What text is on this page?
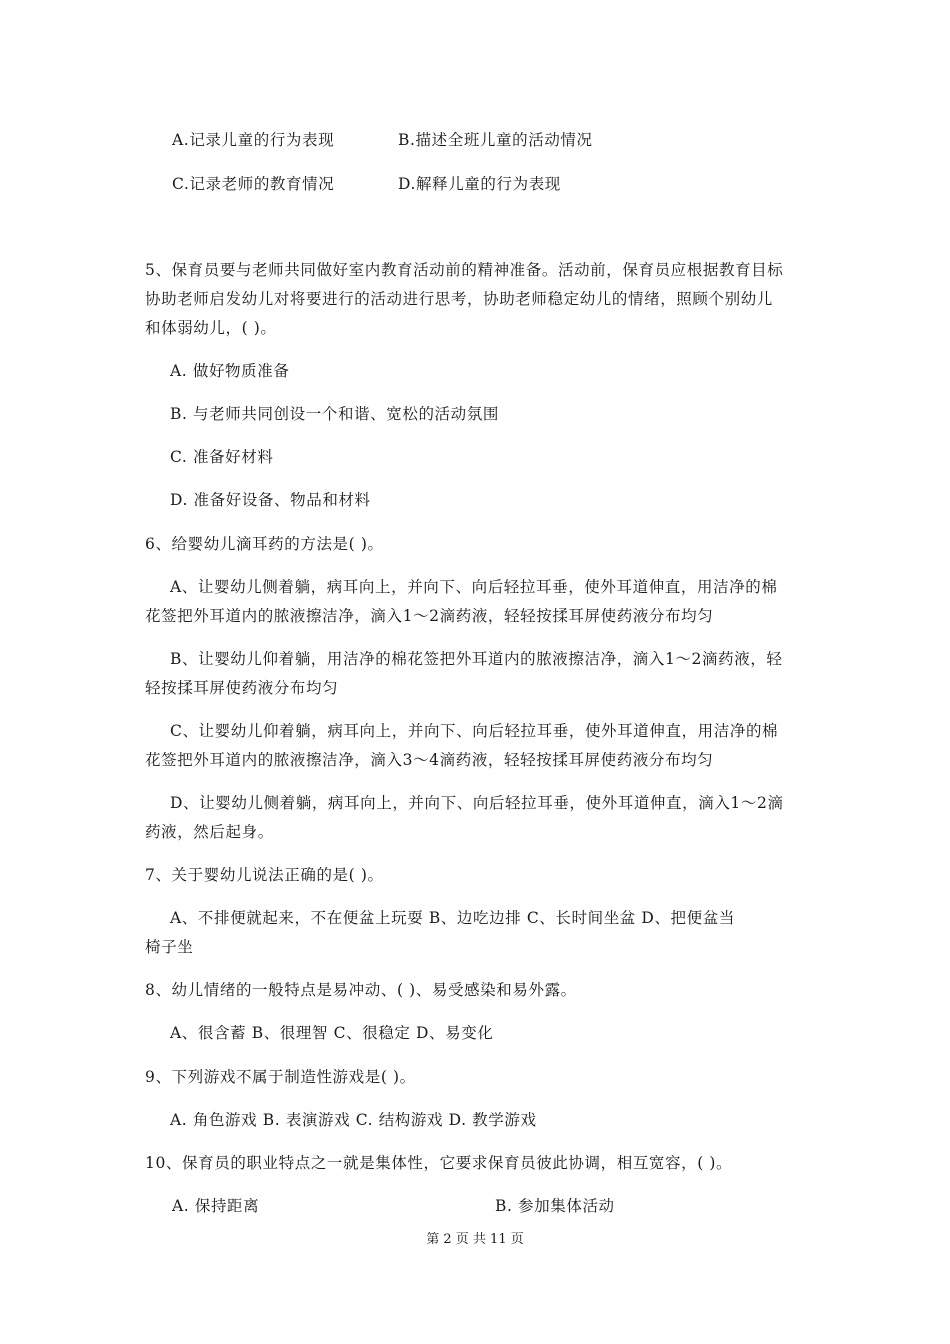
A.记录儿童的行为表现	B.描述全班儿童的活动情况
C.记录老师的教育情况	D.解释儿童的行为表现
5、保育员要与老师共同做好室内教育活动前的精神准备。活动前，保育员应根据教育目标
协助老师启发幼儿对将要进行的活动进行思考，协助老师稳定幼儿的情绪，照顾个别幼儿
和体弱幼儿，( )。
A. 做好物质准备
B. 与老师共同创设一个和谐、宽松的活动氛围
C. 准备好材料
D. 准备好设备、物品和材料
6、给婴幼儿滴耳药的方法是( )。
A、让婴幼儿侧着躺，病耳向上，并向下、向后轻拉耳垂，使外耳道伸直，用洁净的棉
花签把外耳道内的脓液擦洁净，滴入1～2滴药液，轻轻按揉耳屏使药液分布均匀
B、让婴幼儿仰着躺，用洁净的棉花签把外耳道内的脓液擦洁净，滴入1～2滴药液，轻
轻按揉耳屏使药液分布均匀
C、让婴幼儿仰着躺，病耳向上，并向下、向后轻拉耳垂，使外耳道伸直，用洁净的棉
花签把外耳道内的脓液擦洁净，滴入3～4滴药液，轻轻按揉耳屏使药液分布均匀
D、让婴幼儿侧着躺，病耳向上，并向下、向后轻拉耳垂，使外耳道伸直，滴入1～2滴
药液，然后起身。
7、关于婴幼儿说法正确的是( )。
A、不排便就起来，不在便盆上玩耍 B、边吃边排 C、长时间坐盆 D、把便盆当
椅子坐
8、幼儿情绪的一般特点是易冲动、( )、易受感染和易外露。
A、很含蓄 B、很理智 C、很稳定 D、易变化
9、下列游戏不属于制造性游戏是( )。
A. 角色游戏 B. 表演游戏 C. 结构游戏 D. 教学游戏
10、保育员的职业特点之一就是集体性，它要求保育员彼此协调，相互宽容，( )。
A. 保持距离	B. 参加集体活动
第 2 页 共 11 页
